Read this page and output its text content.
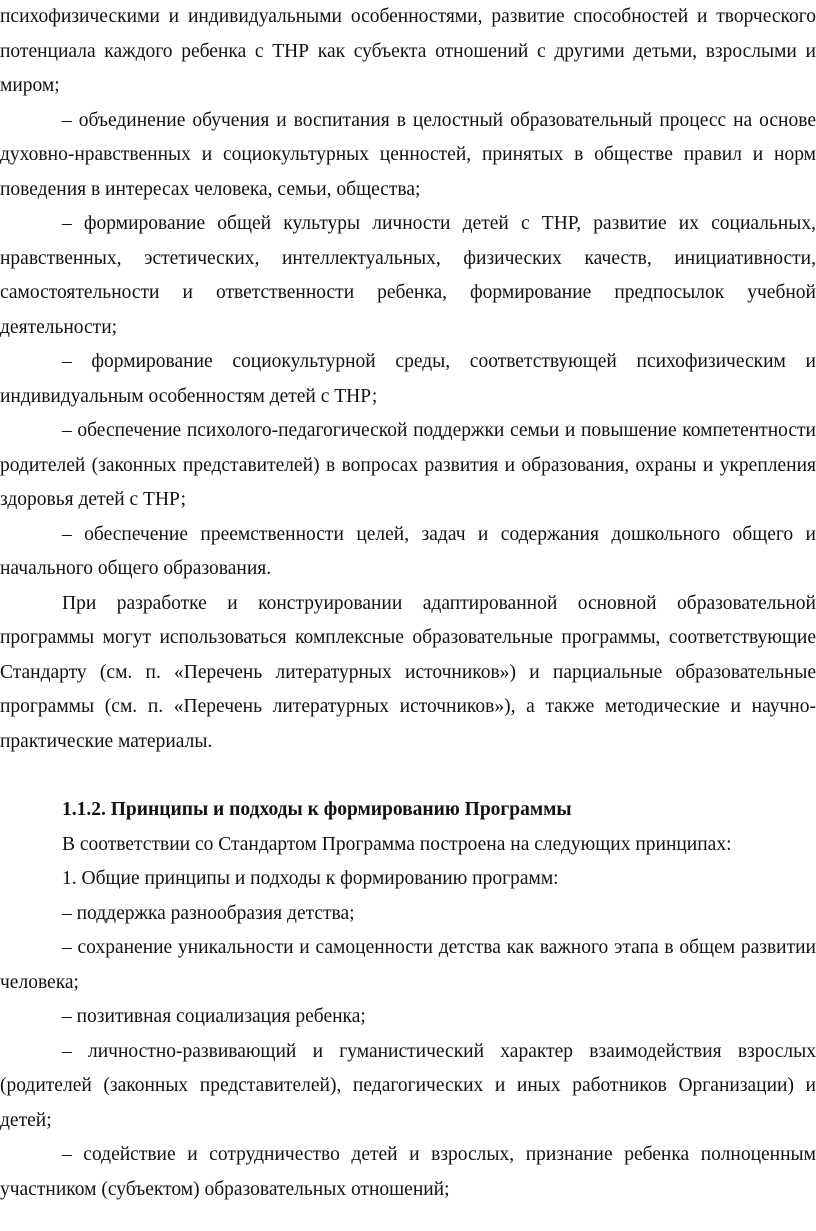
психофизическими и индивидуальными особенностями, развитие способностей и творческого потенциала каждого ребенка с ТНР как субъекта отношений с другими детьми, взрослыми и миром;

– объединение обучения и воспитания в целостный образовательный процесс на основе духовно-нравственных и социокультурных ценностей, принятых в обществе правил и норм поведения в интересах человека, семьи, общества;

– формирование общей культуры личности детей с ТНР, развитие их социальных, нравственных, эстетических, интеллектуальных, физических качеств, инициативности, самостоятельности и ответственности ребенка, формирование предпосылок учебной деятельности;

– формирование социокультурной среды, соответствующей психофизическим и индивидуальным особенностям детей с ТНР;

– обеспечение психолого-педагогической поддержки семьи и повышение компетентности родителей (законных представителей) в вопросах развития и образования, охраны и укрепления здоровья детей с ТНР;

– обеспечение преемственности целей, задач и содержания дошкольного общего и начального общего образования.

При разработке и конструировании адаптированной основной образовательной программы могут использоваться комплексные образовательные программы, соответствующие Стандарту (см. п. «Перечень литературных источников») и парциальные образовательные программы (см. п. «Перечень литературных источников»), а также методические и научно-практические материалы.

1.1.2. Принципы и подходы к формированию Программы

В соответствии со Стандартом Программа построена на следующих принципах:

1. Общие принципы и подходы к формированию программ:

– поддержка разнообразия детства;

– сохранение уникальности и самоценности детства как важного этапа в общем развитии человека;

– позитивная социализация ребенка;

– личностно-развивающий и гуманистический характер взаимодействия взрослых (родителей (законных представителей), педагогических и иных работников Организации) и детей;

– содействие и сотрудничество детей и взрослых, признание ребенка полноценным участником (субъектом) образовательных отношений;
